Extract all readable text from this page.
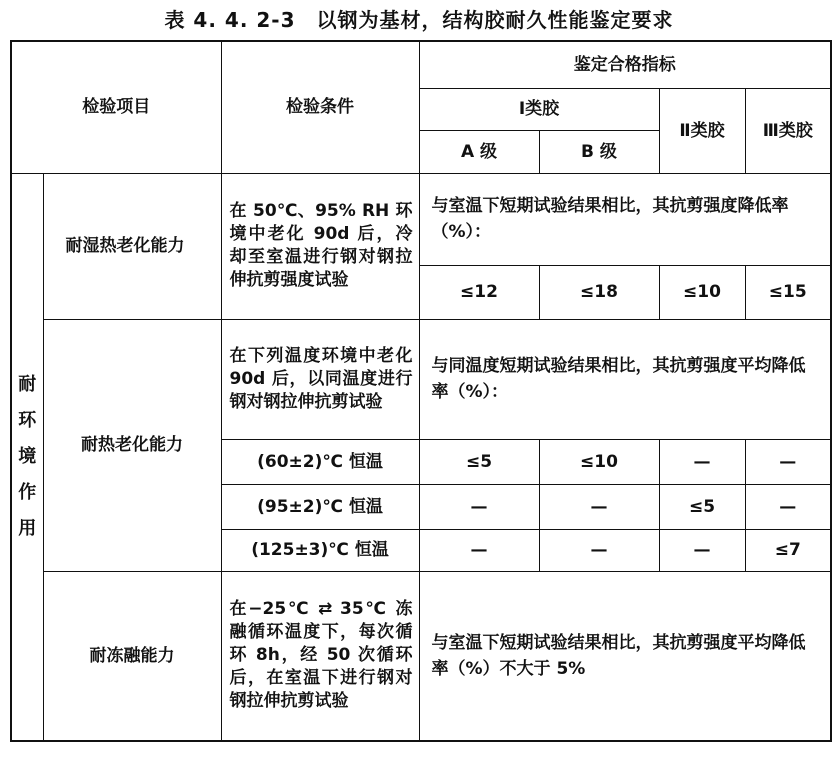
表 4. 4. 2-3　以钢为基材，结构胶耐久性能鉴定要求
检验项目		检验条件	鉴定合格指标			
			Ⅰ类胶		Ⅱ类胶	Ⅲ类胶
			A 级	B 级		

耐
环
境
作
用	耐湿热老化能力	在 50℃、95% RH 环境中老化 90d 后，冷却至室温进行钢对钢拉伸抗剪强度试验	与室温下短期试验结果相比，其抗剪强度降低率（%）：			
			≤12	≤18	≤10	≤15
	耐热老化能力	在下列温度环境中老化 90d 后，以同温度进行钢对钢拉伸抗剪试验	与同温度短期试验结果相比，其抗剪强度平均降低率（%）：			
		(60±2)℃ 恒温	≤5	≤10	—	—
		(95±2)℃ 恒温	—	—	≤5	—
		(125±3)℃ 恒温	—	—	—	≤7
	耐冻融能力	在−25℃ ⇄ 35℃ 冻融循环温度下，每次循环 8h，经 50 次循环后，在室温下进行钢对钢拉伸抗剪试验	与室温下短期试验结果相比，其抗剪强度平均降低率（%）不大于 5%			
